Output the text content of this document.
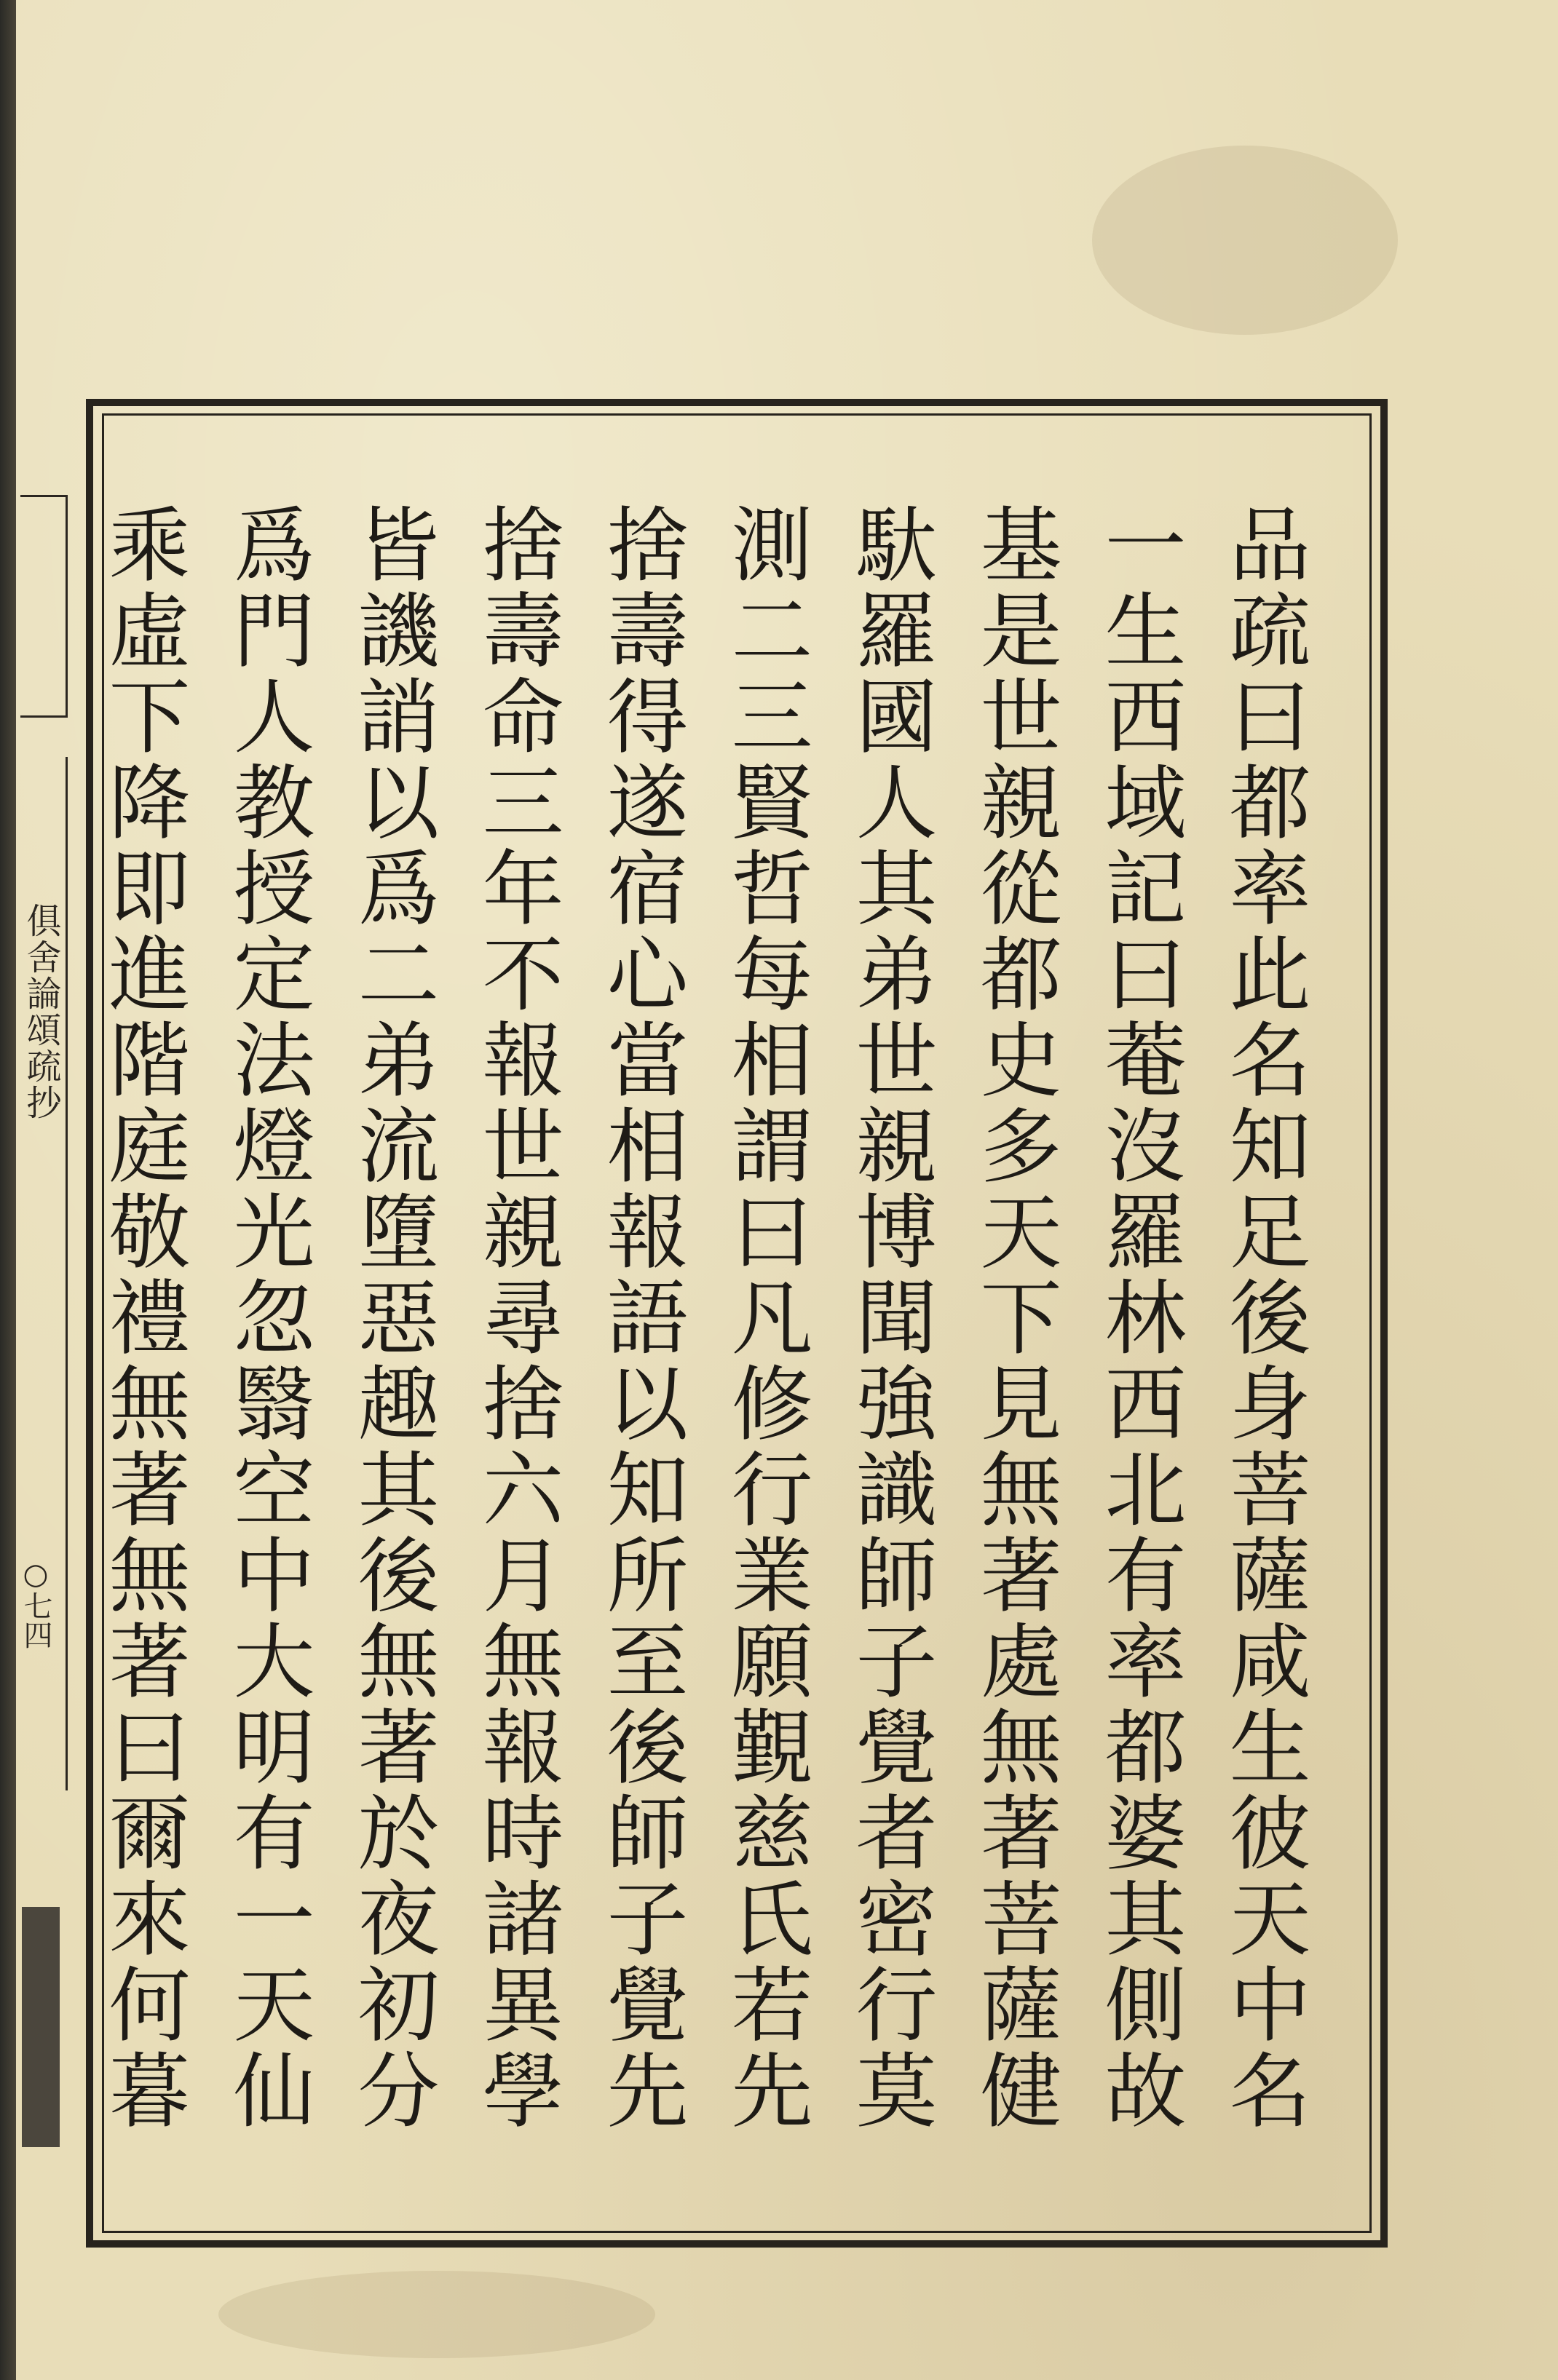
俱舍論頌疏抄
○七四	品疏曰都率此名知足後身菩薩咸生彼天中名
一生西域記曰菴沒羅林西北有率都婆其側故
基是世親從都史多天下見無著處無著菩薩健
馱羅國人其弟世親博聞強識師子覺者密行莫
測二三賢哲每相謂曰凡修行業願覲慈氏若先
捨壽得遂宿心當相報語以知所至後師子覺先
捨壽命三年不報世親尋捨六月無報時諸異學
皆譏誚以爲二弟流墮惡趣其後無著於夜初分
爲門人教授定法燈光忽翳空中大明有一天仙
乘虛下降即進階庭敬禮無著無著曰爾來何暮
